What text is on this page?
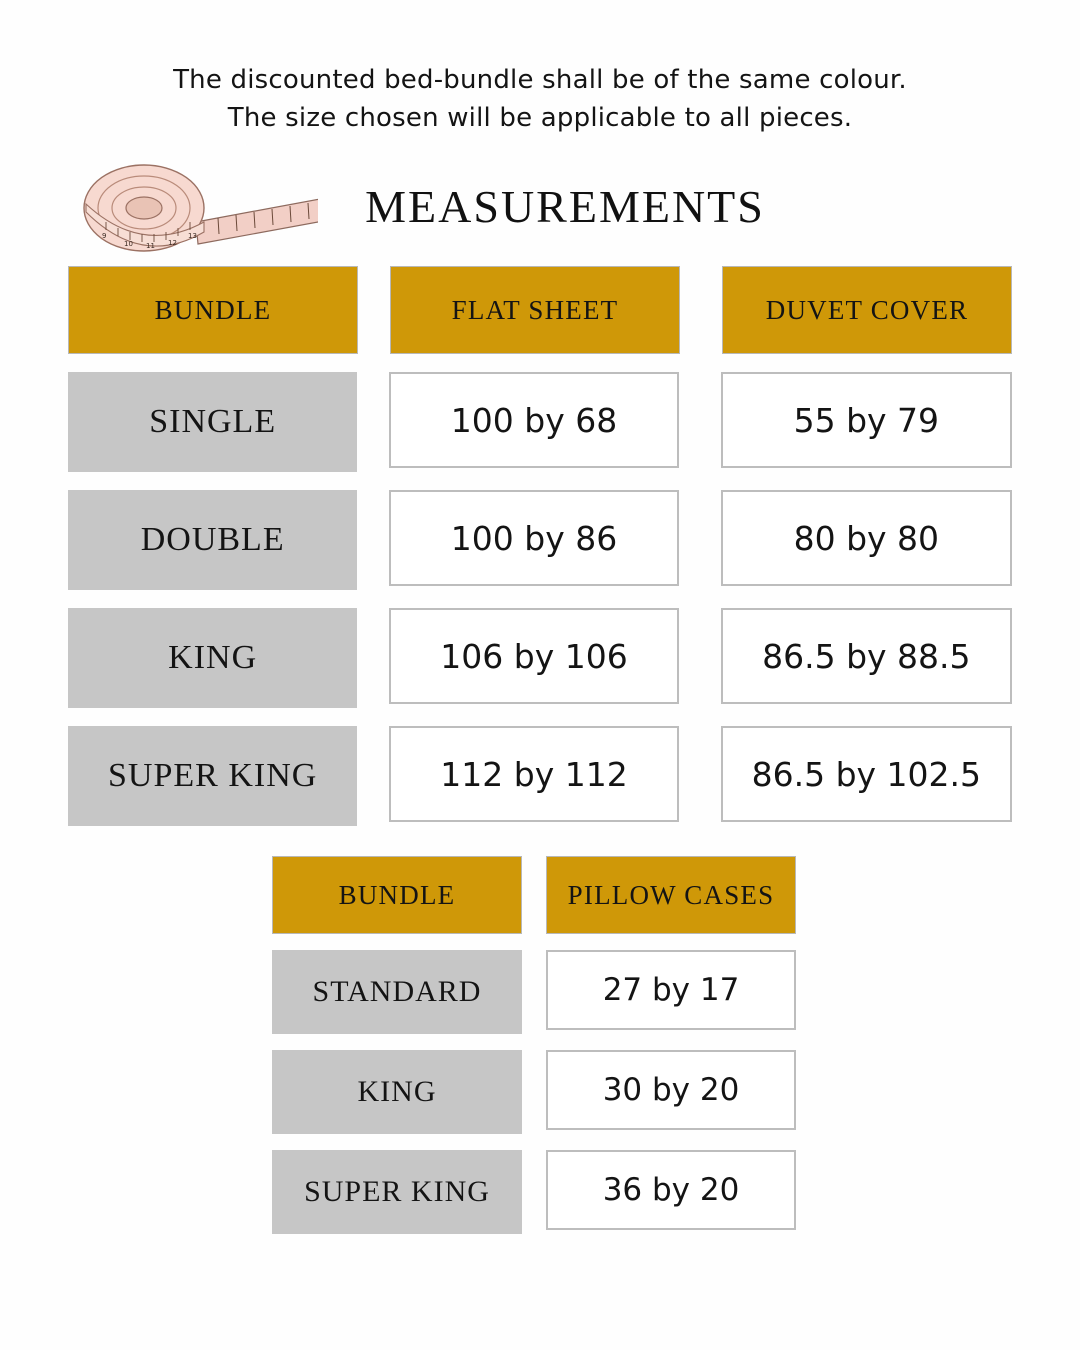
The discounted bed-bundle shall be of the same colour.
The size chosen will be applicable to all pieces.
9
10 11 12
13
MEASUREMENTS
BUNDLE	FLAT SHEET	DUVET COVER
SINGLE	100 by 68	55 by 79
DOUBLE	100 by 86	80 by 80
KING	106 by 106	86.5 by 88.5
SUPER KING	112 by 112	86.5 by 102.5
BUNDLE	PILLOW CASES
STANDARD	27 by 17
KING	30 by 20
SUPER KING	36 by 20
